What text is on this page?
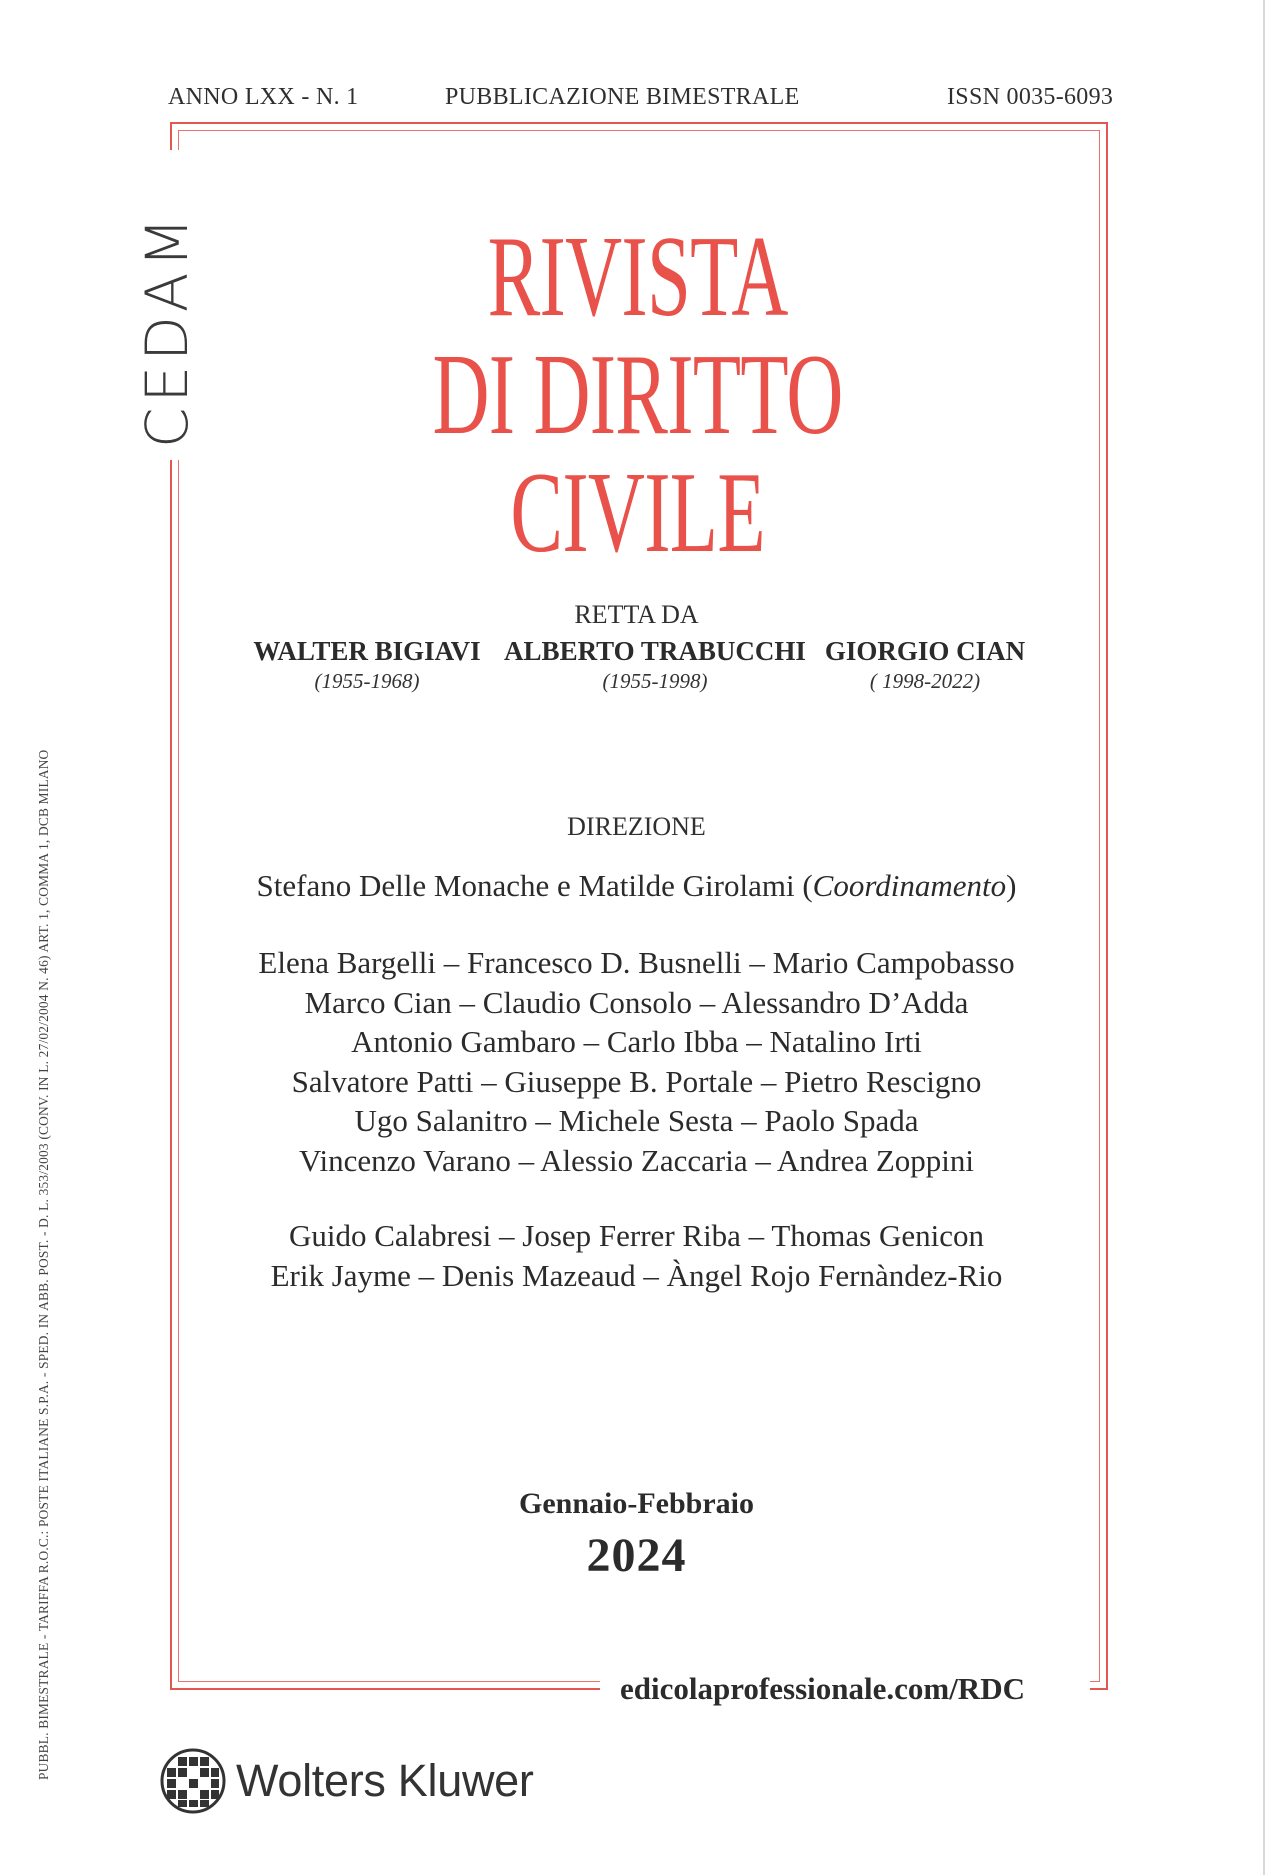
ANNO LXX - N. 1	PUBBLICAZIONE BIMESTRALE	ISSN 0035-6093
CEDAM
edicolaprofessionale.com/RDC
RIVISTA
DI DIRITTO
CIVILE
RETTA DA
WALTER BIGIAVI
(1955-1968)
ALBERTO TRABUCCHI
(1955-1998)
GIORGIO CIAN
( 1998-2022)
DIREZIONE
Stefano Delle Monache e Matilde Girolami (Coordinamento)
Elena Bargelli – Francesco D. Busnelli – Mario Campobasso
Marco Cian – Claudio Consolo – Alessandro D’Adda
Antonio Gambaro – Carlo Ibba – Natalino Irti
Salvatore Patti – Giuseppe B. Portale – Pietro Rescigno
Ugo Salanitro – Michele Sesta – Paolo Spada
Vincenzo Varano – Alessio Zaccaria – Andrea Zoppini
Guido Calabresi – Josep Ferrer Riba – Thomas Genicon
Erik Jayme – Denis Mazeaud – Àngel Rojo Fernàndez-Rio
Gennaio-Febbraio
2024
PUBBL. BIMESTRALE - TARIFFA R.O.C.: POSTE ITALIANE S.P.A. - SPED. IN ABB. POST. - D. L. 353/2003 (CONV. IN L. 27/02/2004 N. 46) ART. 1, COMMA 1, DCB MILANO
Wolters Kluwer
